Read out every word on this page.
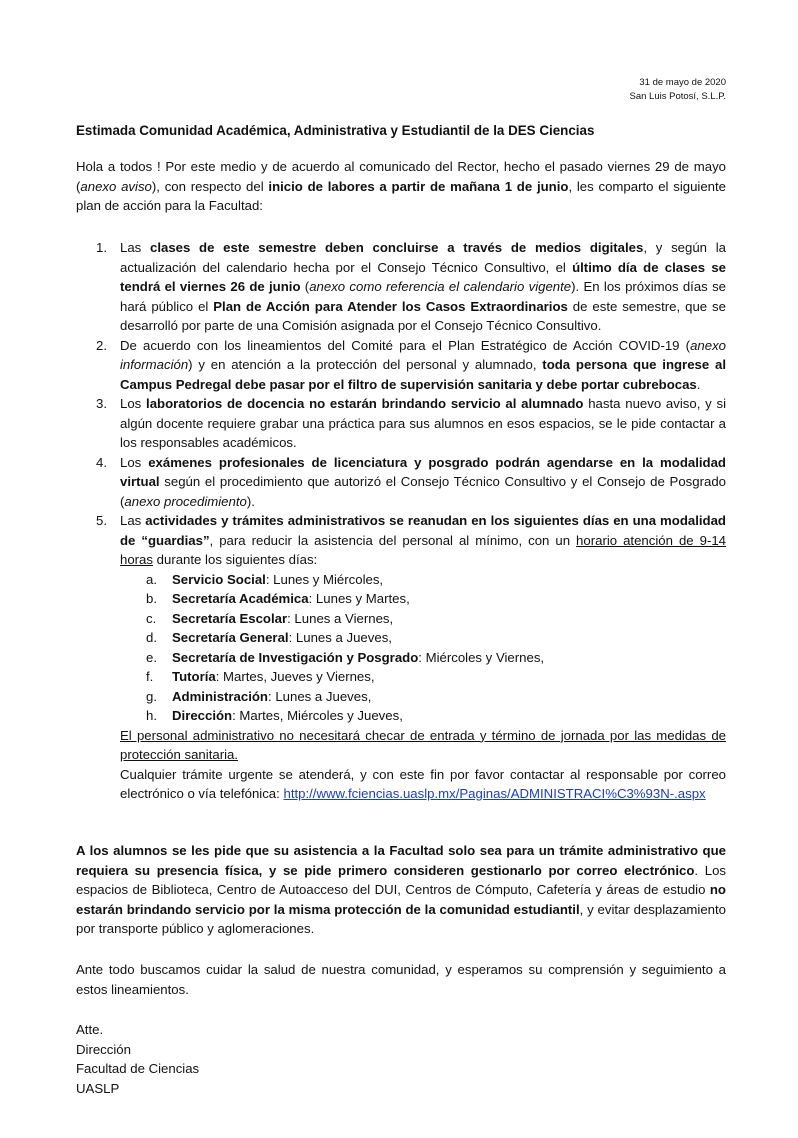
31 de mayo de 2020
San Luis Potosí, S.L.P.
Estimada Comunidad Académica, Administrativa y Estudiantil de la DES Ciencias
Hola a todos ! Por este medio y de acuerdo al comunicado del Rector, hecho el pasado viernes 29 de mayo (anexo aviso), con respecto del inicio de labores a partir de mañana 1 de junio, les comparto el siguiente plan de acción para la Facultad:
1. Las clases de este semestre deben concluirse a través de medios digitales, y según la actualización del calendario hecha por el Consejo Técnico Consultivo, el último día de clases se tendrá el viernes 26 de junio (anexo como referencia el calendario vigente). En los próximos días se hará público el Plan de Acción para Atender los Casos Extraordinarios de este semestre, que se desarrolló por parte de una Comisión asignada por el Consejo Técnico Consultivo.
2. De acuerdo con los lineamientos del Comité para el Plan Estratégico de Acción COVID-19 (anexo información) y en atención a la protección del personal y alumnado, toda persona que ingrese al Campus Pedregal debe pasar por el filtro de supervisión sanitaria y debe portar cubrebocas.
3. Los laboratorios de docencia no estarán brindando servicio al alumnado hasta nuevo aviso, y si algún docente requiere grabar una práctica para sus alumnos en esos espacios, se le pide contactar a los responsables académicos.
4. Los exámenes profesionales de licenciatura y posgrado podrán agendarse en la modalidad virtual según el procedimiento que autorizó el Consejo Técnico Consultivo y el Consejo de Posgrado (anexo procedimiento).
5. Las actividades y trámites administrativos se reanudan en los siguientes días en una modalidad de “guardias”, para reducir la asistencia del personal al mínimo, con un horario atención de 9-14 horas durante los siguientes días:
a. Servicio Social: Lunes y Miércoles,
b. Secretaría Académica: Lunes y Martes,
c. Secretaría Escolar: Lunes a Viernes,
d. Secretaría General: Lunes a Jueves,
e. Secretaría de Investigación y Posgrado: Miércoles y Viernes,
f. Tutoría: Martes, Jueves y Viernes,
g. Administración: Lunes a Jueves,
h. Dirección: Martes, Miércoles y Jueves,
El personal administrativo no necesitará checar de entrada y término de jornada por las medidas de protección sanitaria.
Cualquier trámite urgente se atenderá, y con este fin por favor contactar al responsable por correo electrónico o vía telefónica: http://www.fciencias.uaslp.mx/Paginas/ADMINISTRACI%C3%93N-.aspx
A los alumnos se les pide que su asistencia a la Facultad solo sea para un trámite administrativo que requiera su presencia física, y se pide primero consideren gestionarlo por correo electrónico. Los espacios de Biblioteca, Centro de Autoacceso del DUI, Centros de Cómputo, Cafetería y áreas de estudio no estarán brindando servicio por la misma protección de la comunidad estudiantil, y evitar desplazamiento por transporte público y aglomeraciones.
Ante todo buscamos cuidar la salud de nuestra comunidad, y esperamos su comprensión y seguimiento a estos lineamientos.
Atte.
Dirección
Facultad de Ciencias
UASLP
